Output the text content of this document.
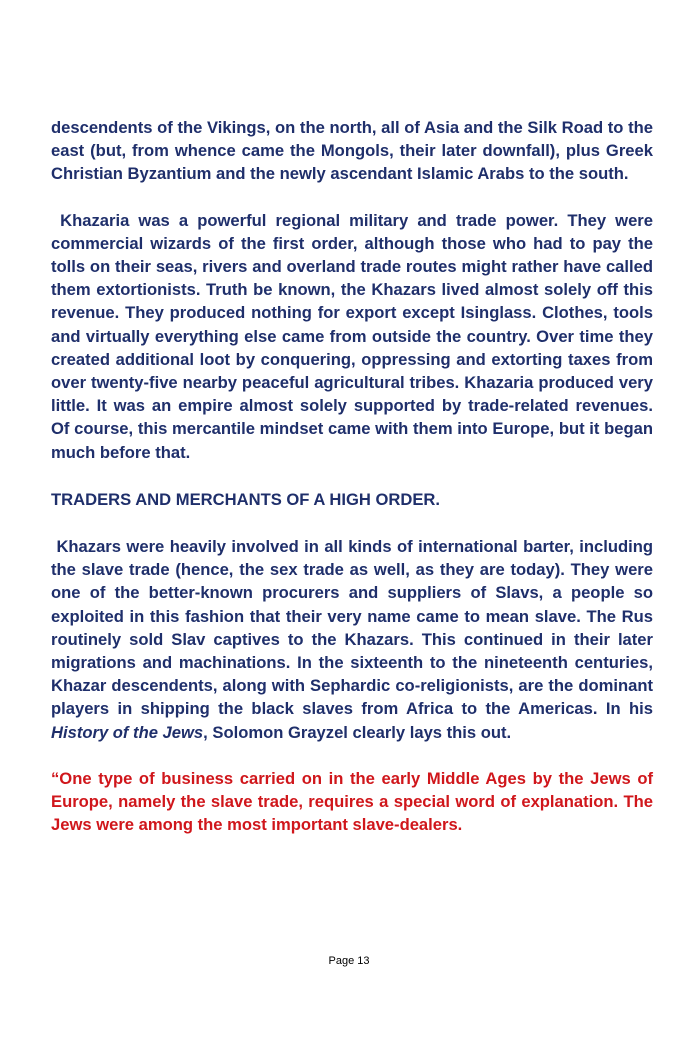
descendents of the Vikings, on the north, all of Asia and the Silk Road to the east (but, from whence came the Mongols, their later downfall), plus Greek Christian Byzantium and the newly ascendant Islamic Arabs to the south.

Khazaria was a powerful regional military and trade power. They were commercial wizards of the first order, although those who had to pay the tolls on their seas, rivers and overland trade routes might rather have called them extortionists. Truth be known, the Khazars lived almost solely off this revenue. They produced nothing for export except Isinglass. Clothes, tools and virtually everything else came from outside the country. Over time they created additional loot by conquering, oppressing and extorting taxes from over twenty-five nearby peaceful agricultural tribes. Khazaria produced very little. It was an empire almost solely supported by trade-related revenues. Of course, this mercantile mindset came with them into Europe, but it began much before that.

TRADERS AND MERCHANTS OF A HIGH ORDER.

Khazars were heavily involved in all kinds of international barter, including the slave trade (hence, the sex trade as well, as they are today). They were one of the better-known procurers and suppliers of Slavs, a people so exploited in this fashion that their very name came to mean slave. The Rus routinely sold Slav captives to the Khazars. This continued in their later migrations and machinations. In the sixteenth to the nineteenth centuries, Khazar descendents, along with Sephardic co-religionists, are the dominant players in shipping the black slaves from Africa to the Americas. In his History of the Jews, Solomon Grayzel clearly lays this out.

“One type of business carried on in the early Middle Ages by the Jews of Europe, namely the slave trade, requires a special word of explanation. The Jews were among the most important slave-dealers.

Page 13
